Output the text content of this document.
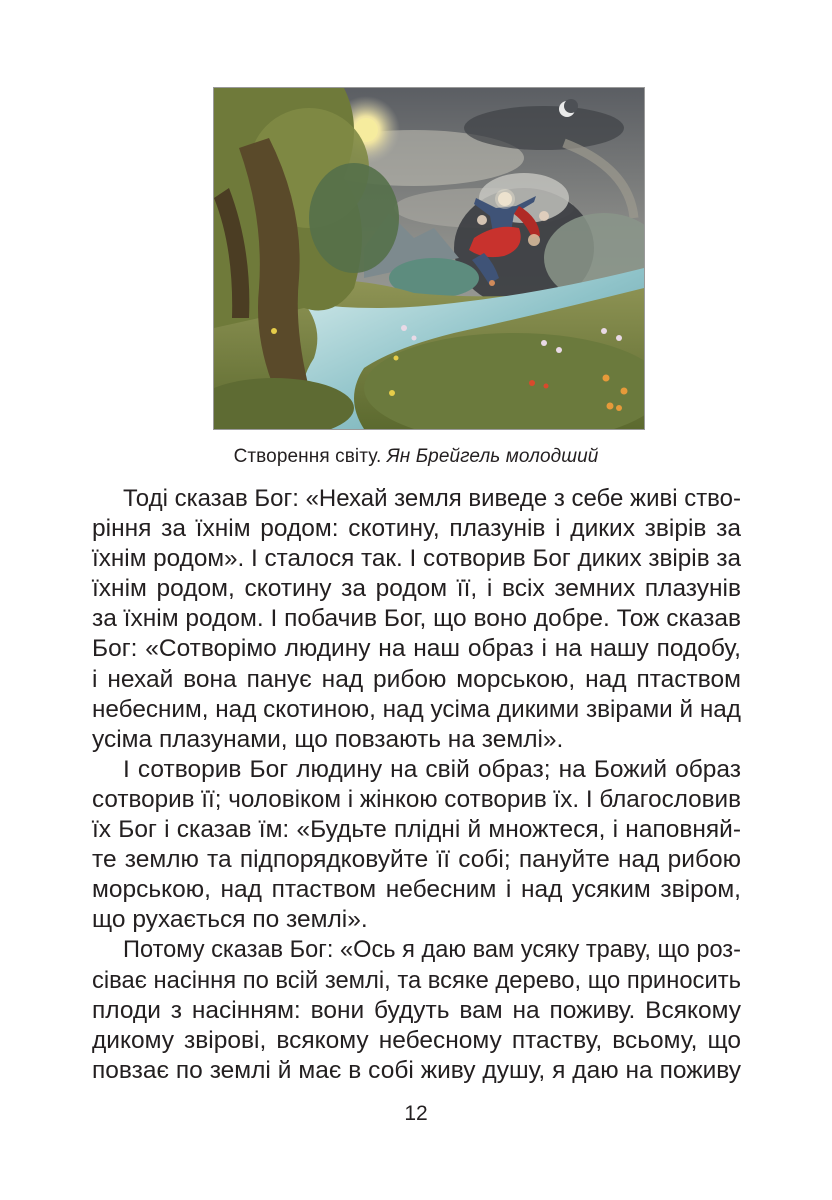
Створення світу. Ян Брейгель молодший
Тоді сказав Бог: «Нехай земля виведе з себе живі ство-
ріння за їхнім родом: скотину, плазунів і диких звірів за
їхнім родом». І сталося так. І сотворив Бог диких звірів за
їхнім родом, скотину за родом її, і всіх земних плазунів
за їхнім родом. І побачив Бог, що воно добре. Тож сказав
Бог: «Сотворімо людину на наш образ і на нашу подобу,
і нехай вона панує над рибою морською, над птаством
небесним, над скотиною, над усіма дикими звірами й над
усіма плазунами, що повзають на землі».
І сотворив Бог людину на свій образ; на Божий образ
сотворив її; чоловіком і жінкою сотворив їх. І благословив
їх Бог і сказав їм: «Будьте плідні й множтеся, і наповняй-
те землю та підпорядковуйте її собі; пануйте над рибою
морською, над птаством небесним і над усяким звіром,
що рухається по землі».
Потому сказав Бог: «Ось я даю вам усяку траву, що роз-
сіває насіння по всій землі, та всяке дерево, що приносить
плоди з насінням: вони будуть вам на поживу. Всякому
дикому звірові, всякому небесному птаству, всьому, що
повзає по землі й має в собі живу душу, я даю на поживу
12
